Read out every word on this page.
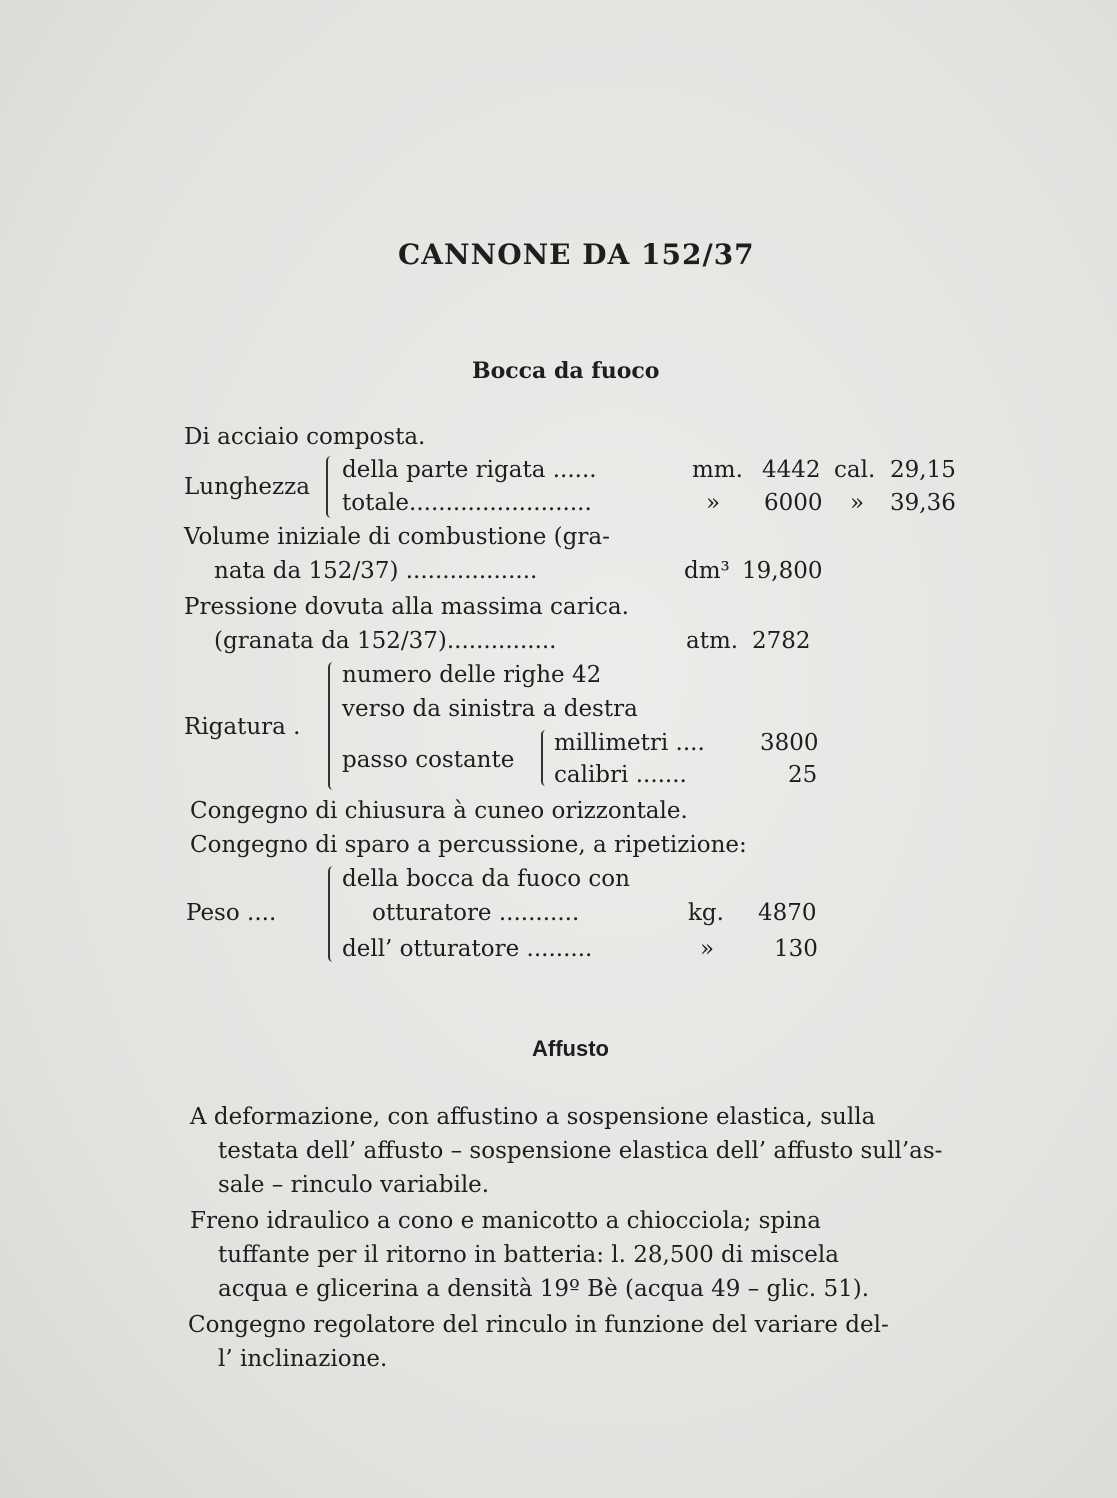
CANNONE DA 152/37
Bocca da fuoco
Di acciaio composta.
Lunghezza
della parte rigata ......	mm. 4442 cal. 29,15
totale.........................	» 6000 » 39,36
Volume iniziale di combustione (gra-
nata da 152/37) ..................	dm³ 19,800
Pressione dovuta alla massima carica.
(granata da 152/37)...............	atm. 2782
Rigatura .
numero delle righe 42
verso da sinistra a destra
passo costante
millimetri .... 3800
calibri .......	25
Congegno di chiusura à cuneo orizzontale.
Congegno di sparo a percussione, a ripetizione:
Peso ....
della bocca da fuoco con
otturatore ...........	kg. 4870
dell’ otturatore .........	»	130
Affusto
A deformazione, con affustino a sospensione elastica, sulla
testata dell’ affusto – sospensione elastica dell’ affusto sull’as-
sale – rinculo variabile.
Freno idraulico a cono e manicotto a chiocciola; spina
tuffante per il ritorno in batteria: l. 28,500 di miscela
acqua e glicerina a densità 19º Bè (acqua 49 – glic. 51).
Congegno regolatore del rinculo in funzione del variare del-
l’ inclinazione.
